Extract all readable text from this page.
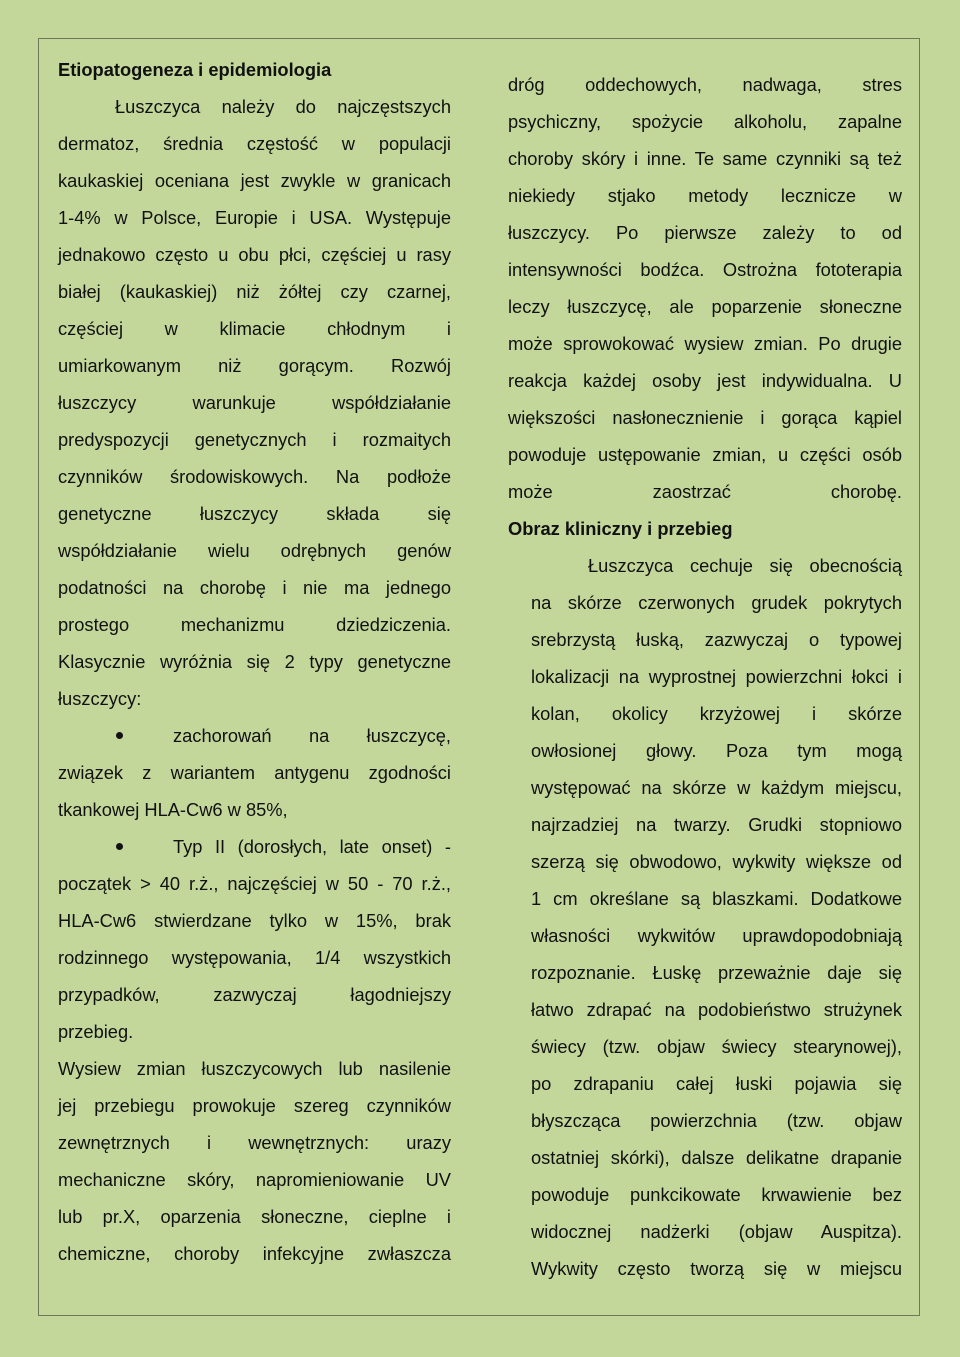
Etiopatogeneza i epidemiologia
Łuszczyca należy do najczęstszych
dermatoz, średnia częstość w populacji
kaukaskiej oceniana jest zwykle w granicach
1-4% w Polsce, Europie i USA. Występuje
jednakowo często u obu płci, częściej u rasy
białej (kaukaskiej) niż żółtej czy czarnej,
częściej w klimacie chłodnym i
umiarkowanym niż gorącym. Rozwój
łuszczycy warunkuje współdziałanie
predyspozycji genetycznych i rozmaitych
czynników środowiskowych. Na podłoże
genetyczne łuszczycy składa się
współdziałanie wielu odrębnych genów
podatności na chorobę i nie ma jednego
prostego mechanizmu dziedziczenia.
Klasycznie wyróżnia się 2 typy genetyczne
łuszczycy:
zachorowań na łuszczycę,
związek z wariantem antygenu zgodności
tkankowej HLA-Cw6 w 85%,
Typ II (dorosłych, late onset) -
początek > 40 r.ż., najczęściej w 50 - 70 r.ż.,
HLA-Cw6 stwierdzane tylko w 15%, brak
rodzinnego występowania, 1/4 wszystkich
przypadków, zazwyczaj łagodniejszy
przebieg.
Wysiew zmian łuszczycowych lub nasilenie
jej przebiegu prowokuje szereg czynników
zewnętrznych i wewnętrznych: urazy
mechaniczne skóry, napromieniowanie UV
lub pr.X, oparzenia słoneczne, cieplne i
chemiczne, choroby infekcyjne zwłaszcza
dróg oddechowych, nadwaga, stres
psychiczny, spożycie alkoholu, zapalne
choroby skóry i inne. Te same czynniki są też
niekiedy stjako metody lecznicze w
łuszczycy. Po pierwsze zależy to od
intensywności bodźca. Ostrożna fototerapia
leczy łuszczycę, ale poparzenie słoneczne
może sprowokować wysiew zmian. Po drugie
reakcja każdej osoby jest indywidualna. U
większości nasłonecznienie i gorąca kąpiel
powoduje ustępowanie zmian, u części osób
może zaostrzać chorobę.
Obraz kliniczny i przebieg
Łuszczyca cechuje się obecnością
na skórze czerwonych grudek pokrytych
srebrzystą łuską, zazwyczaj o typowej
lokalizacji na wyprostnej powierzchni łokci i
kolan, okolicy krzyżowej i skórze
owłosionej głowy. Poza tym mogą
występować na skórze w każdym miejscu,
najrzadziej na twarzy. Grudki stopniowo
szerzą się obwodowo, wykwity większe od
1 cm określane są blaszkami. Dodatkowe
własności wykwitów uprawdopodobniają
rozpoznanie. Łuskę przeważnie daje się
łatwo zdrapać na podobieństwo strużynek
świecy (tzw. objaw świecy stearynowej),
po zdrapaniu całej łuski pojawia się
błyszcząca powierzchnia (tzw. objaw
ostatniej skórki), dalsze delikatne drapanie
powoduje punkcikowate krwawienie bez
widocznej nadżerki (objaw Auspitza).
Wykwity często tworzą się w miejscu
